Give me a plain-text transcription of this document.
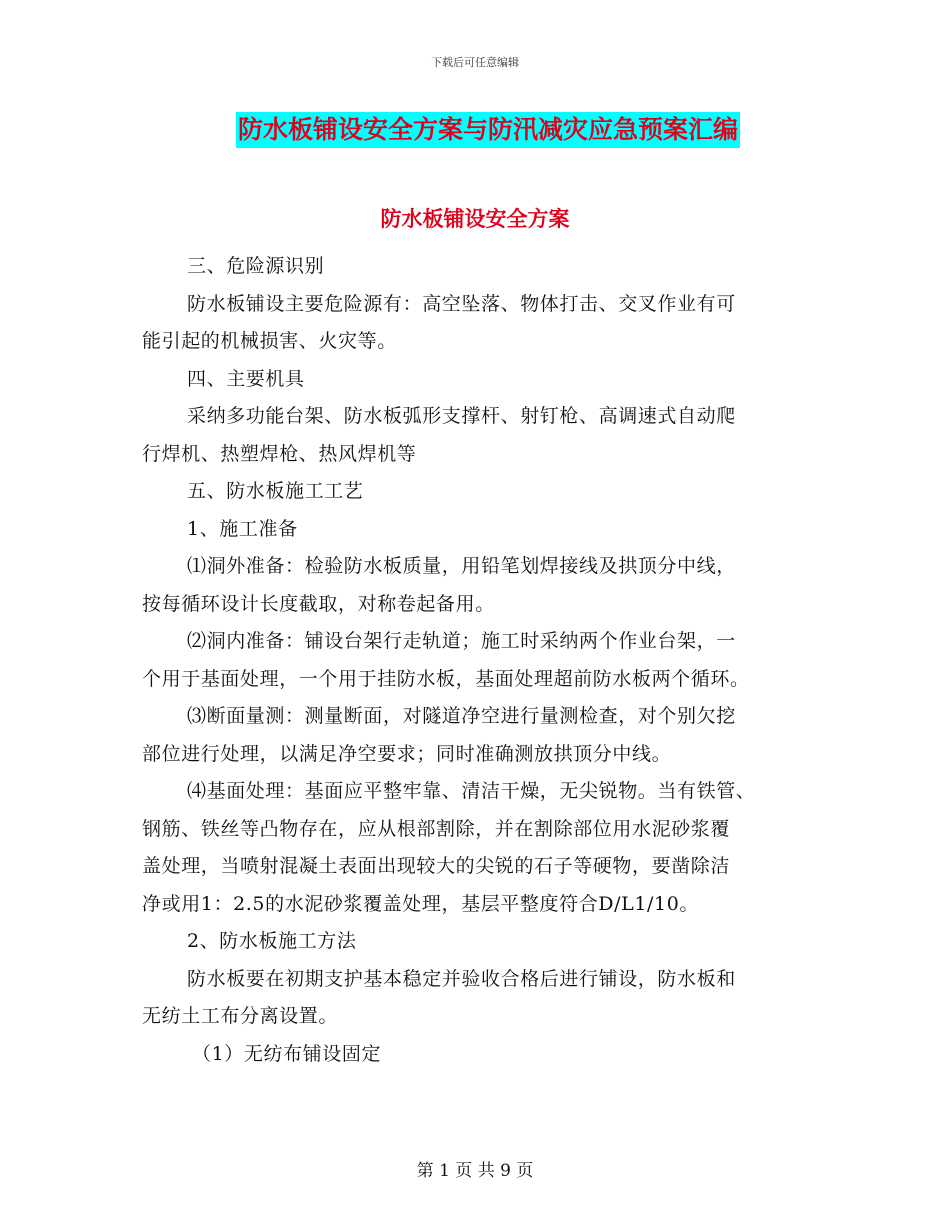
下载后可任意编辑
防水板铺设安全方案与防汛减灾应急预案汇编
防水板铺设安全方案

三、危险源识别

防水板铺设主要危险源有：高空坠落、物体打击、交叉作业有可

能引起的机械损害、火灾等。

四、主要机具

采纳多功能台架、防水板弧形支撑杆、射钉枪、高调速式自动爬

行焊机、热塑焊枪、热风焊机等

五、防水板施工工艺

1、施工准备

⑴洞外准备：检验防水板质量，用铅笔划焊接线及拱顶分中线，

按每循环设计长度截取，对称卷起备用。

⑵洞内准备：铺设台架行走轨道；施工时采纳两个作业台架，一

个用于基面处理，一个用于挂防水板，基面处理超前防水板两个循环。

⑶断面量测：测量断面，对隧道净空进行量测检查，对个别欠挖

部位进行处理，以满足净空要求；同时准确测放拱顶分中线。

⑷基面处理：基面应平整牢靠、清洁干燥，无尖锐物。当有铁管、

钢筋、铁丝等凸物存在，应从根部割除，并在割除部位用水泥砂浆覆

盖处理，当喷射混凝土表面出现较大的尖锐的石子等硬物，要凿除洁

净或用1：2.5的水泥砂浆覆盖处理，基层平整度符合D/L1/10。

2、防水板施工方法

防水板要在初期支护基本稳定并验收合格后进行铺设，防水板和

无纺土工布分离设置。

（1）无纺布铺设固定

第 1 页 共 9 页
